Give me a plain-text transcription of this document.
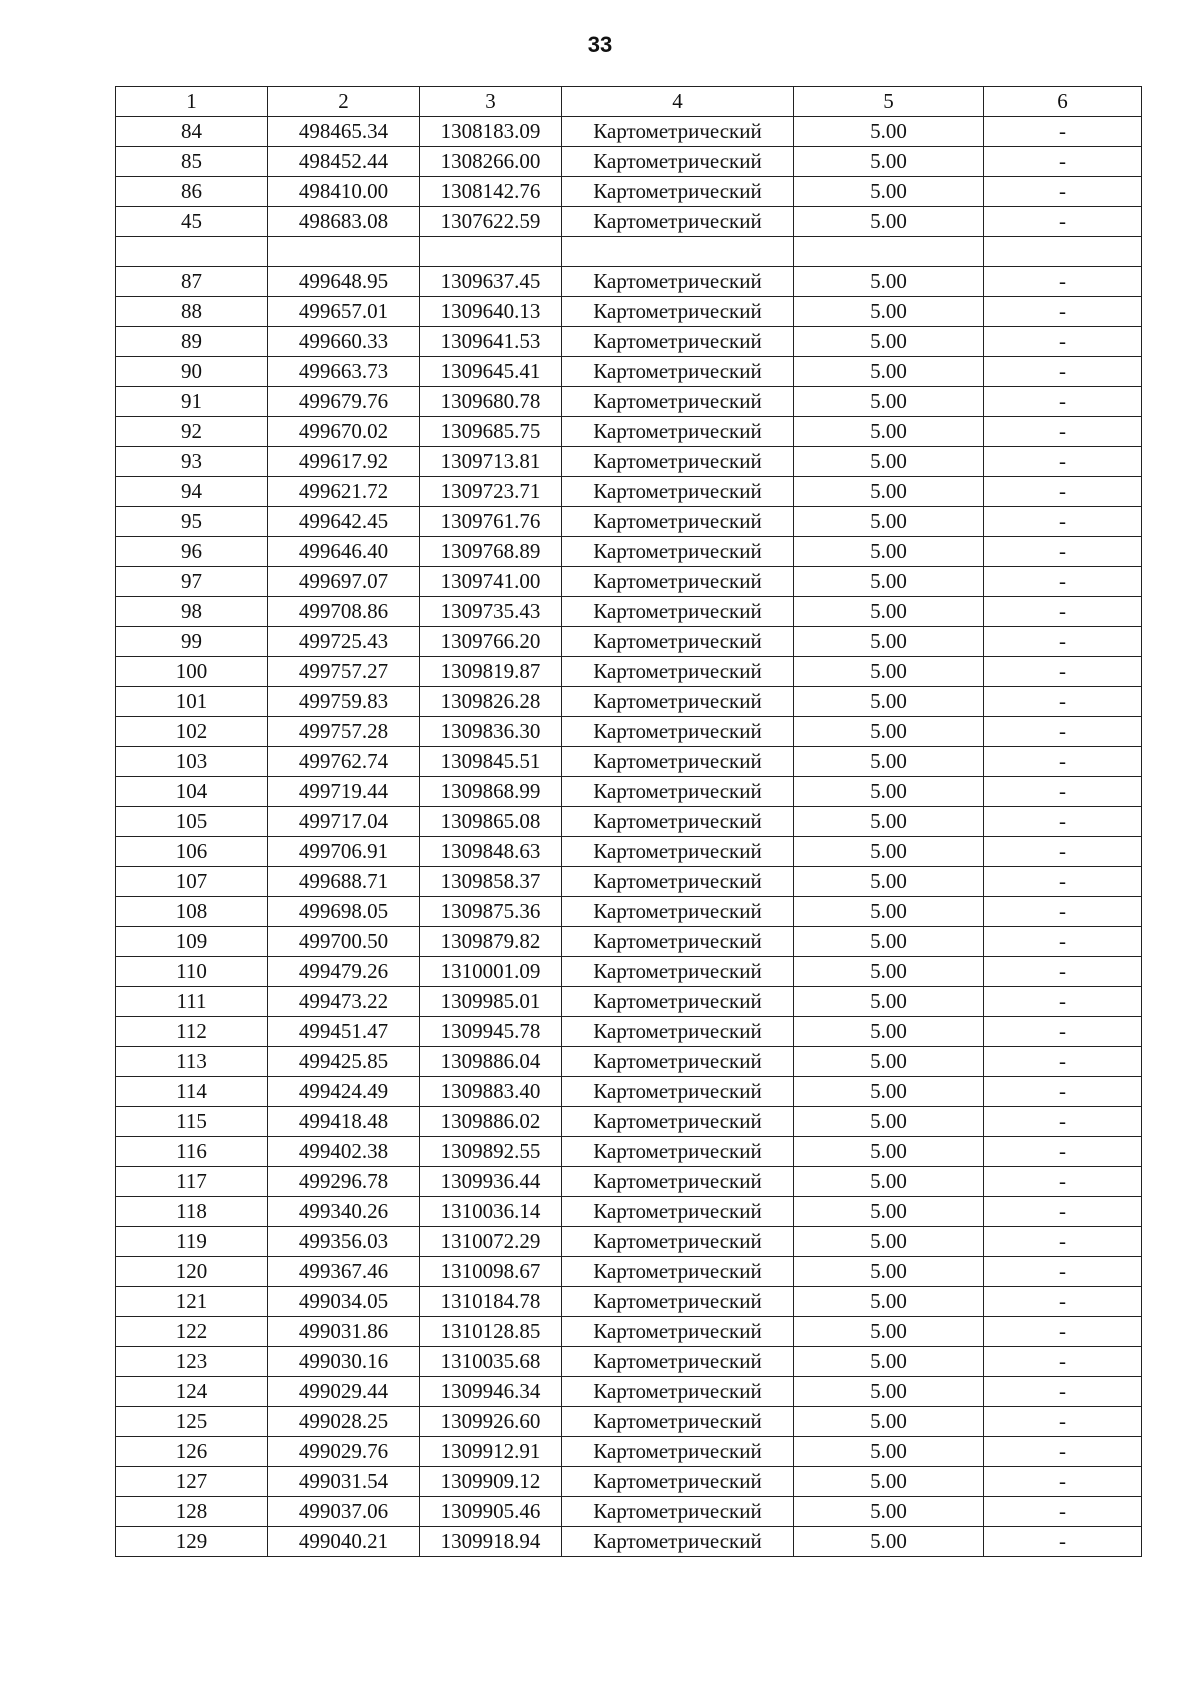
33
1	2	3	4	5	6
84	498465.34	1308183.09	Картометрический	5.00	-
85	498452.44	1308266.00	Картометрический	5.00	-
86	498410.00	1308142.76	Картометрический	5.00	-
45	498683.08	1307622.59	Картометрический	5.00	-

87	499648.95	1309637.45	Картометрический	5.00	-
88	499657.01	1309640.13	Картометрический	5.00	-
89	499660.33	1309641.53	Картометрический	5.00	-
90	499663.73	1309645.41	Картометрический	5.00	-
91	499679.76	1309680.78	Картометрический	5.00	-
92	499670.02	1309685.75	Картометрический	5.00	-
93	499617.92	1309713.81	Картометрический	5.00	-
94	499621.72	1309723.71	Картометрический	5.00	-
95	499642.45	1309761.76	Картометрический	5.00	-
96	499646.40	1309768.89	Картометрический	5.00	-
97	499697.07	1309741.00	Картометрический	5.00	-
98	499708.86	1309735.43	Картометрический	5.00	-
99	499725.43	1309766.20	Картометрический	5.00	-
100	499757.27	1309819.87	Картометрический	5.00	-
101	499759.83	1309826.28	Картометрический	5.00	-
102	499757.28	1309836.30	Картометрический	5.00	-
103	499762.74	1309845.51	Картометрический	5.00	-
104	499719.44	1309868.99	Картометрический	5.00	-
105	499717.04	1309865.08	Картометрический	5.00	-
106	499706.91	1309848.63	Картометрический	5.00	-
107	499688.71	1309858.37	Картометрический	5.00	-
108	499698.05	1309875.36	Картометрический	5.00	-
109	499700.50	1309879.82	Картометрический	5.00	-
110	499479.26	1310001.09	Картометрический	5.00	-
111	499473.22	1309985.01	Картометрический	5.00	-
112	499451.47	1309945.78	Картометрический	5.00	-
113	499425.85	1309886.04	Картометрический	5.00	-
114	499424.49	1309883.40	Картометрический	5.00	-
115	499418.48	1309886.02	Картометрический	5.00	-
116	499402.38	1309892.55	Картометрический	5.00	-
117	499296.78	1309936.44	Картометрический	5.00	-
118	499340.26	1310036.14	Картометрический	5.00	-
119	499356.03	1310072.29	Картометрический	5.00	-
120	499367.46	1310098.67	Картометрический	5.00	-
121	499034.05	1310184.78	Картометрический	5.00	-
122	499031.86	1310128.85	Картометрический	5.00	-
123	499030.16	1310035.68	Картометрический	5.00	-
124	499029.44	1309946.34	Картометрический	5.00	-
125	499028.25	1309926.60	Картометрический	5.00	-
126	499029.76	1309912.91	Картометрический	5.00	-
127	499031.54	1309909.12	Картометрический	5.00	-
128	499037.06	1309905.46	Картометрический	5.00	-
129	499040.21	1309918.94	Картометрический	5.00	-
